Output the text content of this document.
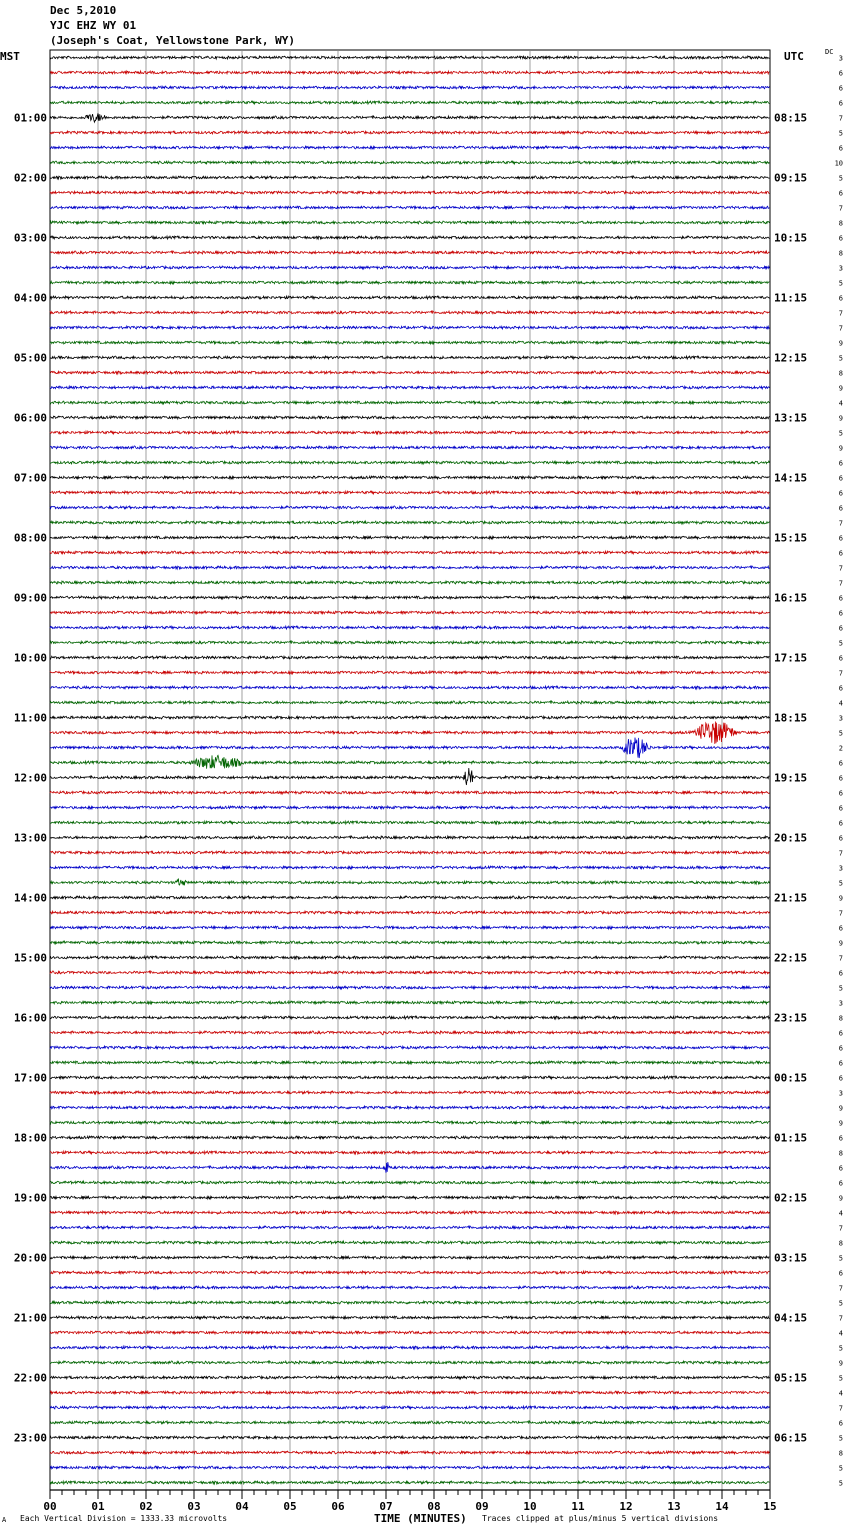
Dec 5,2010
YJC EHZ WY 01
(Joseph's Coat, Yellowstone Park, WY)
MST	UTC	DC
01:00
02:00
03:00
04:00
05:00
06:00
07:00
08:00
09:00
10:00
11:00
12:00
13:00
14:00
15:00
16:00
17:00
18:00
19:00
20:00
21:00
22:00
23:00
08:15
09:15
10:15
11:15
12:15
13:15
14:15
15:15
16:15
17:15
18:15
19:15
20:15
21:15
22:15
23:15
00:15
01:15
02:15
03:15
04:15
05:15
06:15
3
6
6
6
7
5
6
10
5
6
7
8
6
8
3
5
6
7
7
9
5
8
9
4
9
5
9
6
6
6
6
7
6
6
7
7
6
6
6
5
6
7
6
4
3
5
2
6
6
6
6
6
6
7
3
5
9
7
6
9
7
6
5
3
8
6
6
6
6
3
9
9
6
8
6
6
9
4
7
8
5
6
7
5
7
4
5
9
5
4
7
6
5
8
5
5
00	01	02	03	04	05	06	07	08	09	10	11	12	13	14	15
A Each Vertical Division = 1333.33 microvolts	TIME (MINUTES) Traces clipped at plus/minus 5 vertical divisions
